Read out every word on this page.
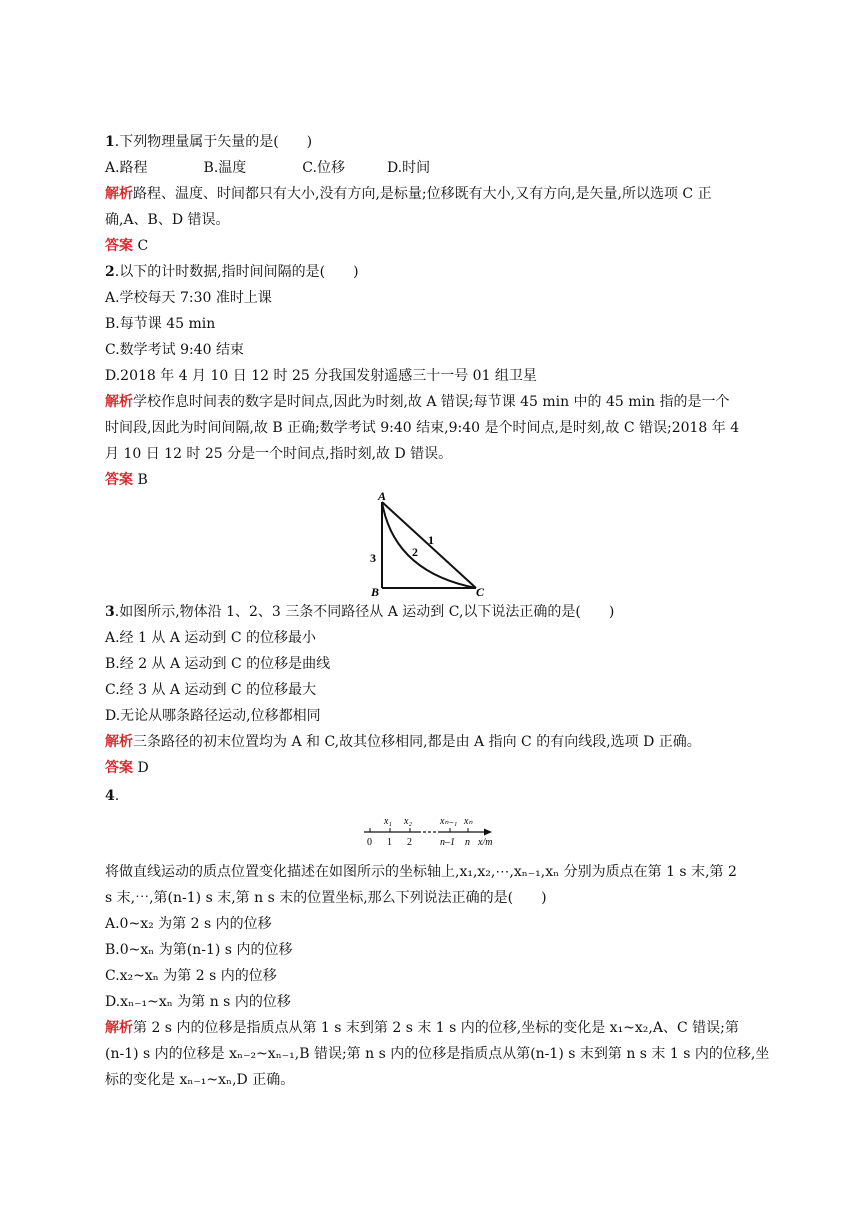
1.下列物理量属于矢量的是(　　)
A.路程　　　　B.温度　　　　C.位移　　　D.时间
解析路程、温度、时间都只有大小,没有方向,是标量;位移既有大小,又有方向,是矢量,所以选项 C 正
确,A、B、D 错误。
答案 C
2.以下的计时数据,指时间间隔的是(　　)
A.学校每天 7:30 准时上课
B.每节课 45 min
C.数学考试 9:40 结束
D.2018 年 4 月 10 日 12 时 25 分我国发射遥感三十一号 01 组卫星
解析学校作息时间表的数字是时间点,因此为时刻,故 A 错误;每节课 45 min 中的 45 min 指的是一个
时间段,因此为时间间隔,故 B 正确;数学考试 9:40 结束,9:40 是个时间点,是时刻,故 C 错误;2018 年 4
月 10 日 12 时 25 分是一个时间点,指时刻,故 D 错误。
答案 B
A
B	C
1
2
3
3.如图所示,物体沿 1、2、3 三条不同路径从 A 运动到 C,以下说法正确的是(　　)
A.经 1 从 A 运动到 C 的位移最小
B.经 2 从 A 运动到 C 的位移是曲线
C.经 3 从 A 运动到 C 的位移最大
D.无论从哪条路径运动,位移都相同
解析三条路径的初末位置均为 A 和 C,故其位移相同,都是由 A 指向 C 的有向线段,选项 D 正确。
答案 D
4.
x₁ x₂	xₙ₋₁ xₙ
0 1 2	n–1 n x/m
将做直线运动的质点位置变化描述在如图所示的坐标轴上,x₁,x₂,⋯,xₙ₋₁,xₙ 分别为质点在第 1 s 末,第 2
s 末,⋯,第(n-1) s 末,第 n s 末的位置坐标,那么下列说法正确的是(　　)
A.0~x₂ 为第 2 s 内的位移
B.0~xₙ 为第(n-1) s 内的位移
C.x₂~xₙ 为第 2 s 内的位移
D.xₙ₋₁~xₙ 为第 n s 内的位移
解析第 2 s 内的位移是指质点从第 1 s 末到第 2 s 末 1 s 内的位移,坐标的变化是 x₁~x₂,A、C 错误;第
(n-1) s 内的位移是 xₙ₋₂~xₙ₋₁,B 错误;第 n s 内的位移是指质点从第(n-1) s 末到第 n s 末 1 s 内的位移,坐
标的变化是 xₙ₋₁~xₙ,D 正确。
